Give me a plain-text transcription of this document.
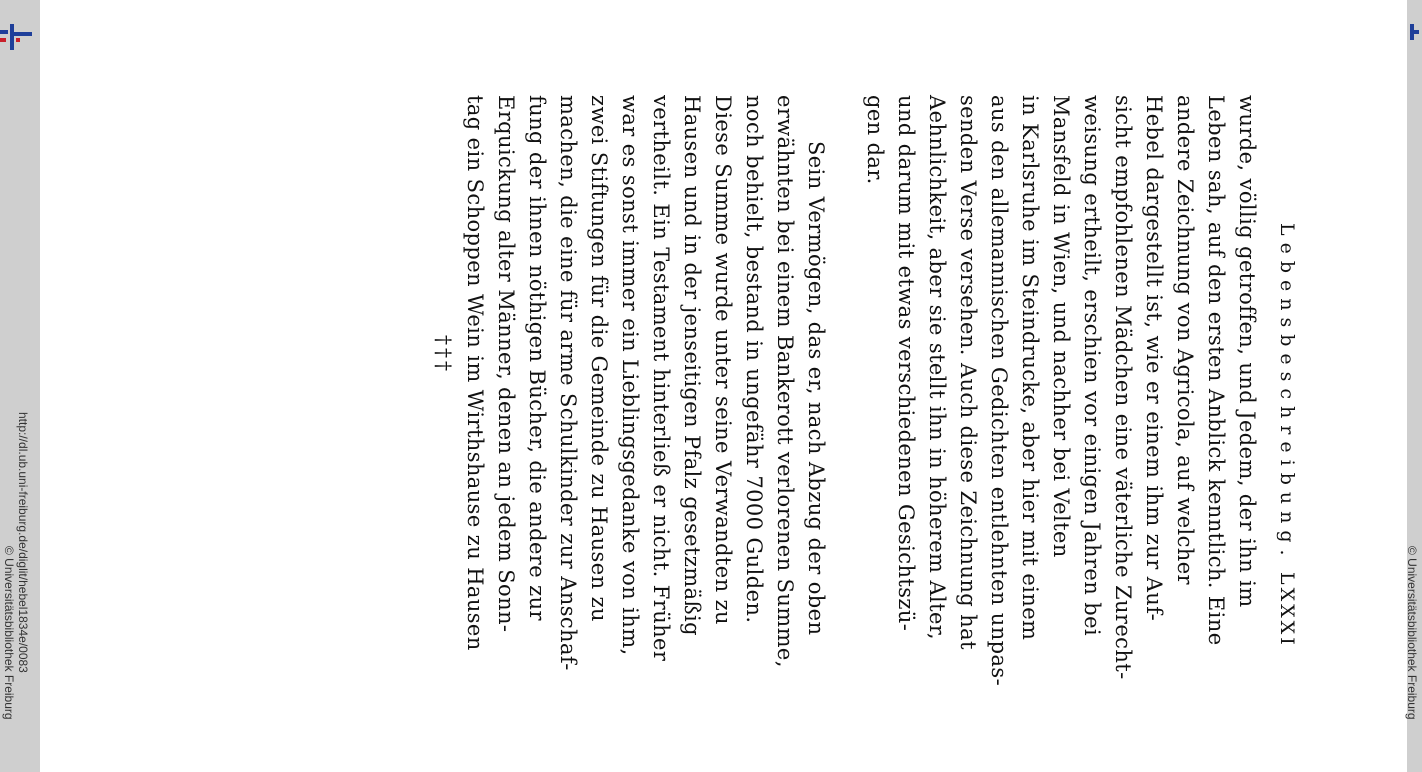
http://dl.ub.uni-freiburg.de/diglit/hebel1834e/0083
© Universitätsbibliothek Freiburg	© Universitätsbibliothek Freiburg
Lebensbeschreibung.
LXXXI
wurde, völlig getroffen, und Jedem, der ihn im
Leben sah, auf den ersten Anblick kenntlich. Eine
andere Zeichnung von Agricola, auf welcher
Hebel dargestellt ist, wie er einem ihm zur Auf-
sicht empfohlenen Mädchen eine väterliche Zurecht-
weisung ertheilt, erschien vor einigen Jahren bei
Mansfeld in Wien, und nachher bei Velten
in Karlsruhe im Steindrucke, aber hier mit einem
aus den allemannischen Gedichten entlehnten unpas-
senden Verse versehen. Auch diese Zeichnung hat
Aehnlichkeit, aber sie stellt ihn in höherem Alter,
und darum mit etwas verschiedenen Gesichtszü-
gen dar.
Sein Vermögen, das er, nach Abzug der oben
erwähnten bei einem Bankerott verlorenen Summe,
noch behielt, bestand in ungefähr 7000 Gulden.
Diese Summe wurde unter seine Verwandten zu
Hausen und in der jenseitigen Pfalz gesetzmäßig
vertheilt. Ein Testament hinterließ er nicht. Früher
war es sonst immer ein Lieblingsgedanke von ihm,
zwei Stiftungen für die Gemeinde zu Hausen zu
machen, die eine für arme Schulkinder zur Anschaf-
fung der ihnen nöthigen Bücher, die andere zur
Erquickung alter Männer, denen an jedem Sonn-
tag ein Schoppen Wein im Wirthshause zu Hausen
†††
